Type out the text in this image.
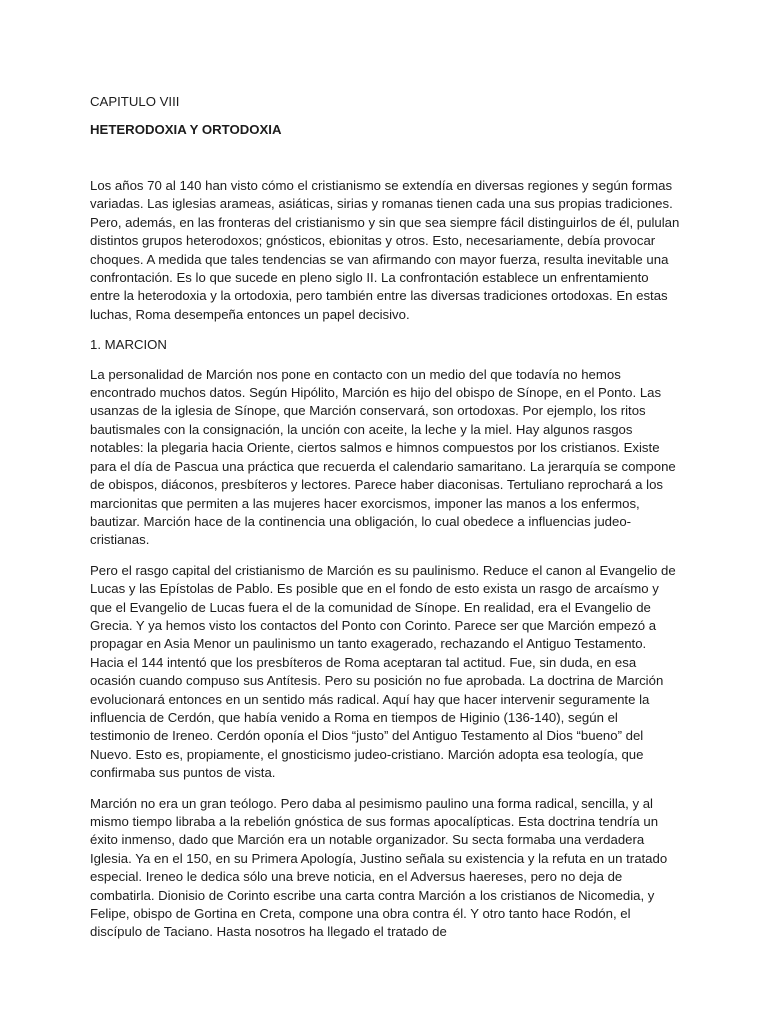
CAPITULO VIII

HETERODOXIA Y ORTODOXIA

Los años 70 al 140 han visto cómo el cristianismo se extendía en diversas regiones y según formas variadas. Las iglesias arameas, asiáticas, sirias y romanas tienen cada una sus propias tradiciones. Pero, además, en las fronteras del cristianismo y sin que sea siempre fácil distinguirlos de él, pululan distintos grupos heterodoxos; gnósticos, ebionitas y otros. Esto, necesariamente, debía provocar choques. A medida que tales tendencias se van afirmando con mayor fuerza, resulta inevitable una confrontación. Es lo que sucede en pleno siglo II. La confrontación establece un enfrentamiento entre la heterodoxia y la ortodoxia, pero también entre las diversas tradiciones ortodoxas. En estas luchas, Roma desempeña entonces un papel decisivo.

1. MARCION

La personalidad de Marción nos pone en contacto con un medio del que todavía no hemos encontrado muchos datos. Según Hipólito, Marción es hijo del obispo de Sínope, en el Ponto. Las usanzas de la iglesia de Sínope, que Marción conservará, son ortodoxas. Por ejemplo, los ritos bautismales con la consignación, la unción con aceite, la leche y la miel. Hay algunos rasgos notables: la plegaria hacia Oriente, ciertos salmos e himnos compuestos por los cristianos. Existe para el día de Pascua una práctica que recuerda el calendario samaritano. La jerarquía se compone de obispos, diáconos, presbíteros y lectores. Parece haber diaconisas. Tertuliano reprochará a los marcionitas que permiten a las mujeres hacer exorcismos, imponer las manos a los enfermos, bautizar. Marción hace de la continencia una obligación, lo cual obedece a influencias judeo-cristianas.

Pero el rasgo capital del cristianismo de Marción es su paulinismo. Reduce el canon al Evangelio de Lucas y las Epístolas de Pablo. Es posible que en el fondo de esto exista un rasgo de arcaísmo y que el Evangelio de Lucas fuera el de la comunidad de Sínope. En realidad, era el Evangelio de Grecia. Y ya hemos visto los contactos del Ponto con Corinto. Parece ser que Marción empezó a propagar en Asia Menor un paulinismo un tanto exagerado, rechazando el Antiguo Testamento. Hacia el 144 intentó que los presbíteros de Roma aceptaran tal actitud. Fue, sin duda, en esa ocasión cuando compuso sus Antítesis. Pero su posición no fue aprobada. La doctrina de Marción evolucionará entonces en un sentido más radical. Aquí hay que hacer intervenir seguramente la influencia de Cerdón, que había venido a Roma en tiempos de Higinio (136-140), según el testimonio de Ireneo. Cerdón oponía el Dios “justo” del Antiguo Testamento al Dios “bueno” del Nuevo. Esto es, propiamente, el gnosticismo judeo-cristiano. Marción adopta esa teología, que confirmaba sus puntos de vista.

Marción no era un gran teólogo. Pero daba al pesimismo paulino una forma radical, sencilla, y al mismo tiempo libraba a la rebelión gnóstica de sus formas apocalípticas. Esta doctrina tendría un éxito inmenso, dado que Marción era un notable organizador. Su secta formaba una verdadera Iglesia. Ya en el 150, en su Primera Apología, Justino señala su existencia y la refuta en un tratado especial. Ireneo le dedica sólo una breve noticia, en el Adversus haereses, pero no deja de combatirla. Dionisio de Corinto escribe una carta contra Marción a los cristianos de Nicomedia, y Felipe, obispo de Gortina en Creta, compone una obra contra él. Y otro tanto hace Rodón, el discípulo de Taciano. Hasta nosotros ha llegado el tratado de
